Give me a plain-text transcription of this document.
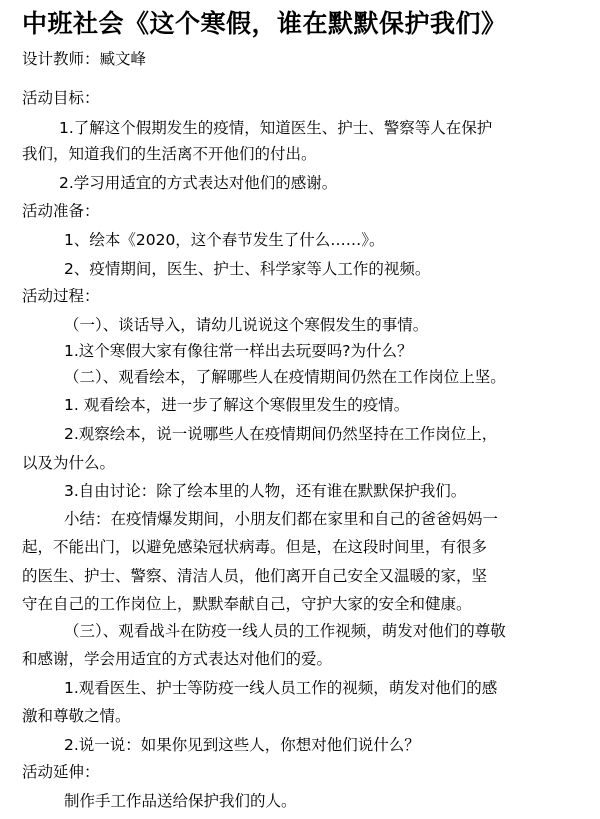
中班社会《这个寒假，谁在默默保护我们》
设计教师：臧文峰
活动目标：
1.了解这个假期发生的疫情，知道医生、护士、警察等人在保护
我们，知道我们的生活离不开他们的付出。
2.学习用适宜的方式表达对他们的感谢。
活动准备：
1、绘本《2020，这个春节发生了什么……》。
2、疫情期间，医生、护士、科学家等人工作的视频。
活动过程：
（一）、谈话导入，请幼儿说说这个寒假发生的事情。
1.这个寒假大家有像往常一样出去玩耍吗?为什么？
（二）、观看绘本，了解哪些人在疫情期间仍然在工作岗位上坚。
1. 观看绘本，进一步了解这个寒假里发生的疫情。
2.观察绘本，说一说哪些人在疫情期间仍然坚持在工作岗位上，
以及为什么。
3.自由讨论：除了绘本里的人物，还有谁在默默保护我们。
小结：在疫情爆发期间，小朋友们都在家里和自己的爸爸妈妈一
起，不能出门，以避免感染冠状病毒。但是，在这段时间里，有很多
的医生、护士、警察、清洁人员，他们离开自己安全又温暖的家，坚
守在自己的工作岗位上，默默奉献自己，守护大家的安全和健康。
（三）、观看战斗在防疫一线人员的工作视频，萌发对他们的尊敬
和感谢，学会用适宜的方式表达对他们的爱。
1.观看医生、护士等防疫一线人员工作的视频，萌发对他们的感
激和尊敬之情。
2.说一说：如果你见到这些人，你想对他们说什么？
活动延伸：
制作手工作品送给保护我们的人。
